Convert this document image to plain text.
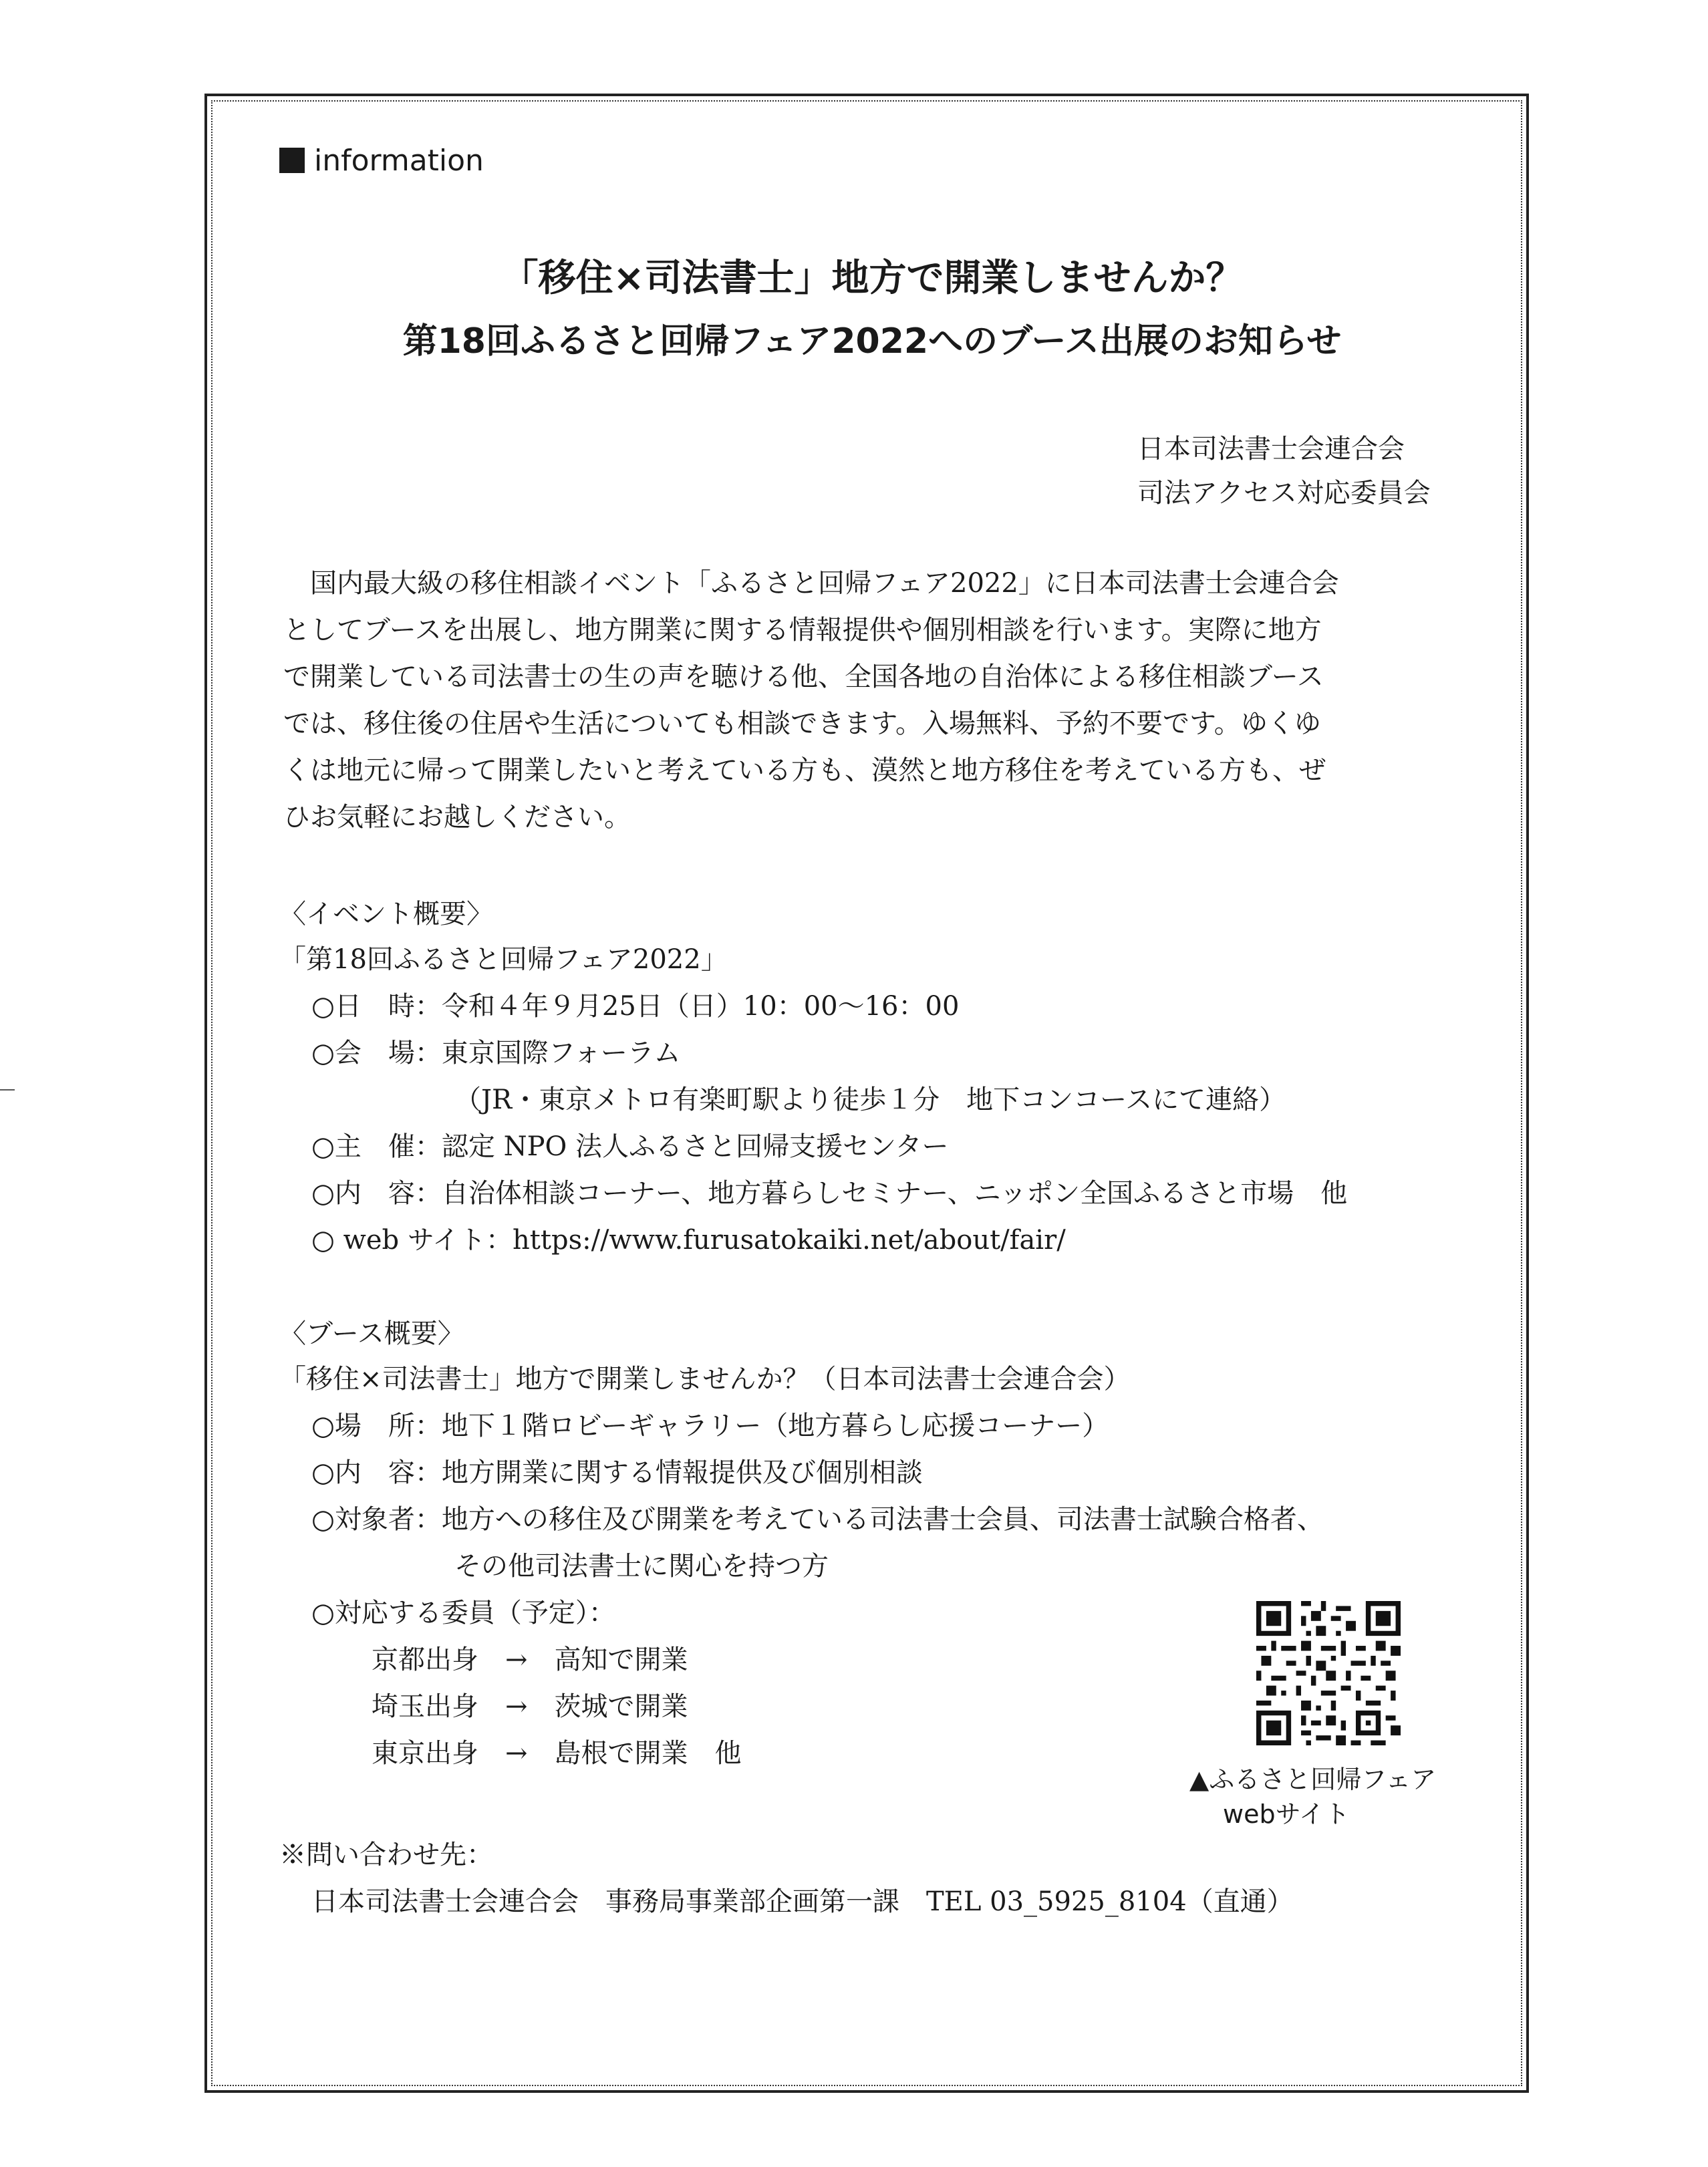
information
「移住×司法書士」地方で開業しませんか？
第18回ふるさと回帰フェア2022へのブース出展のお知らせ
日本司法書士会連合会
司法アクセス対応委員会

国内最大級の移住相談イベント「ふるさと回帰フェア2022」に日本司法書士会連合会

としてブースを出展し、地方開業に関する情報提供や個別相談を行います。実際に地方

で開業している司法書士の生の声を聴ける他、全国各地の自治体による移住相談ブース

では、移住後の住居や生活についても相談できます。入場無料、予約不要です。ゆくゆ

くは地元に帰って開業したいと考えている方も、漠然と地方移住を考えている方も、ぜ

ひお気軽にお越しください。

〈イベント概要〉
「第18回ふるさと回帰フェア2022」
○日　時：令和４年９月25日（日）10：00〜16：00
○会　場：東京国際フォーラム
（JR・東京メトロ有楽町駅より徒歩１分　地下コンコースにて連絡）
○主　催：認定 NPO 法人ふるさと回帰支援センター
○内　容：自治体相談コーナー、地方暮らしセミナー、ニッポン全国ふるさと市場　他
○ web サイト：https://www.furusatokaiki.net/about/fair/
〈ブース概要〉
「移住×司法書士」地方で開業しませんか？（日本司法書士会連合会）
○場　所：地下１階ロビーギャラリー（地方暮らし応援コーナー）
○内　容：地方開業に関する情報提供及び個別相談
○対象者：地方への移住及び開業を考えている司法書士会員、司法書士試験合格者、
その他司法書士に関心を持つ方
○対応する委員（予定）：
京都出身　→　高知で開業
埼玉出身　→　茨城で開業
東京出身　→　島根で開業　他
▲ふるさと回帰フェア
webサイト
※問い合わせ先：
日本司法書士会連合会　事務局事業部企画第一課　TEL 03_5925_8104（直通）
